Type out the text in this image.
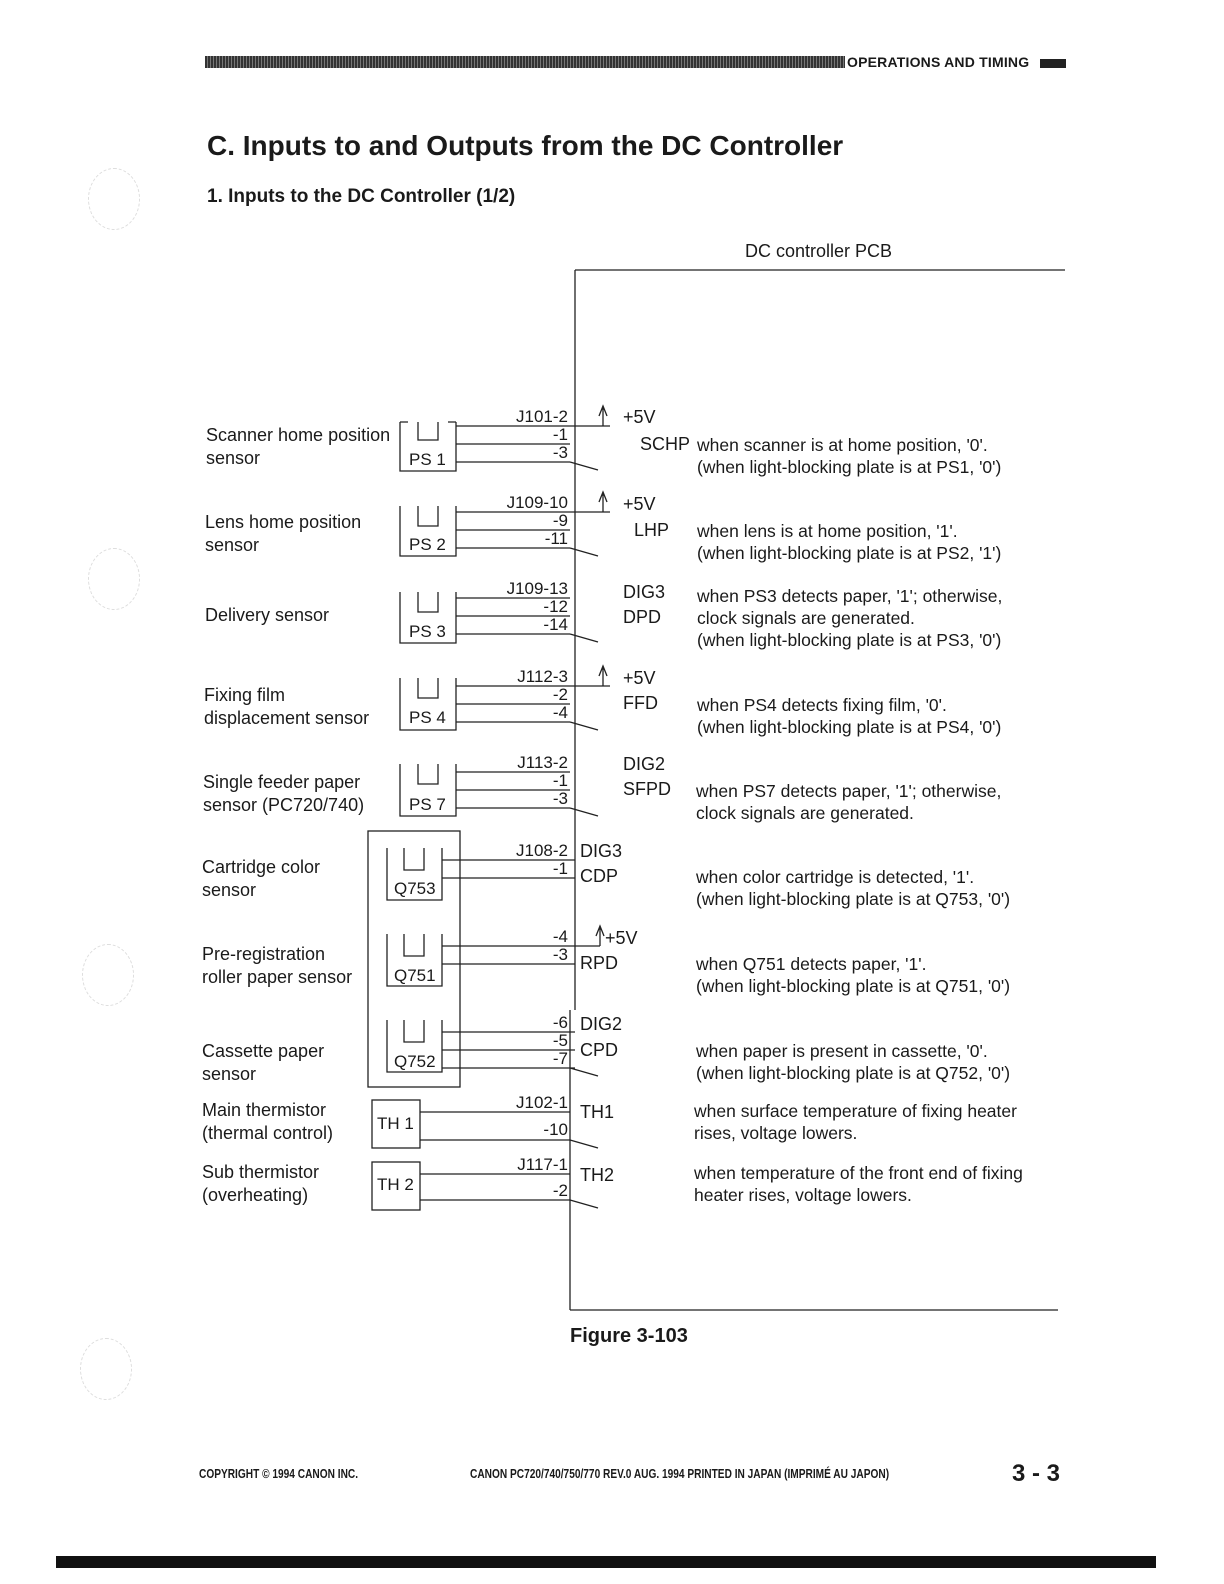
OPERATIONS AND TIMING
C. Inputs to and Outputs from the DC Controller
1. Inputs to the DC Controller (1/2)
DC controller PCB
Scanner home position
sensor	PS 1
J101-2
-1
-3
+5V
SCHP when scanner is at home position, '0'.
(when light-blocking plate is at PS1, '0')
Lens home position
sensor	PS 2
J109-10
-9
-11
+5V
LHP when lens is at home position, '1'.
(when light-blocking plate is at PS2, '1')
Delivery sensor
PS 3
J109-13
-12
-14
DIG3
DPD
when PS3 detects paper, '1'; otherwise,
clock signals are generated.
(when light-blocking plate is at PS3, '0')
Fixing film
displacement sensor PS 4
J112-3
-2
-4
+5V
FFD when PS4 detects fixing film, '0'.
(when light-blocking plate is at PS4, '0')
Single feeder paper
sensor (PC720/740)	PS 7
J113-2
-1
-3
DIG2
SFPD when PS7 detects paper, '1'; otherwise,
clock signals are generated.
Cartridge color
sensor	Q753
J108-2
-1
DIG3
CDP	when color cartridge is detected, '1'.
(when light-blocking plate is at Q753, '0')
Pre-registration
roller paper sensor Q751
-4
-3
+5V
RPD	when Q751 detects paper, '1'.
(when light-blocking plate is at Q751, '0')
Cassette paper
sensor
Q752
-6
-5
-7
DIG2
CPD	when paper is present in cassette, '0'.
(when light-blocking plate is at Q752, '0')
Main thermistor
(thermal control)	TH 1
J102-1
-10
TH1	when surface temperature of fixing heater
rises, voltage lowers.
Sub thermistor
(overheating)
TH 2
J117-1
-2
TH2	when temperature of the front end of fixing
heater rises, voltage lowers.
Figure 3-103
COPYRIGHT © 1994 CANON INC.	CANON PC720/740/750/770 REV.0 AUG. 1994 PRINTED IN JAPAN (IMPRIMÉ AU JAPON)	3 - 3
